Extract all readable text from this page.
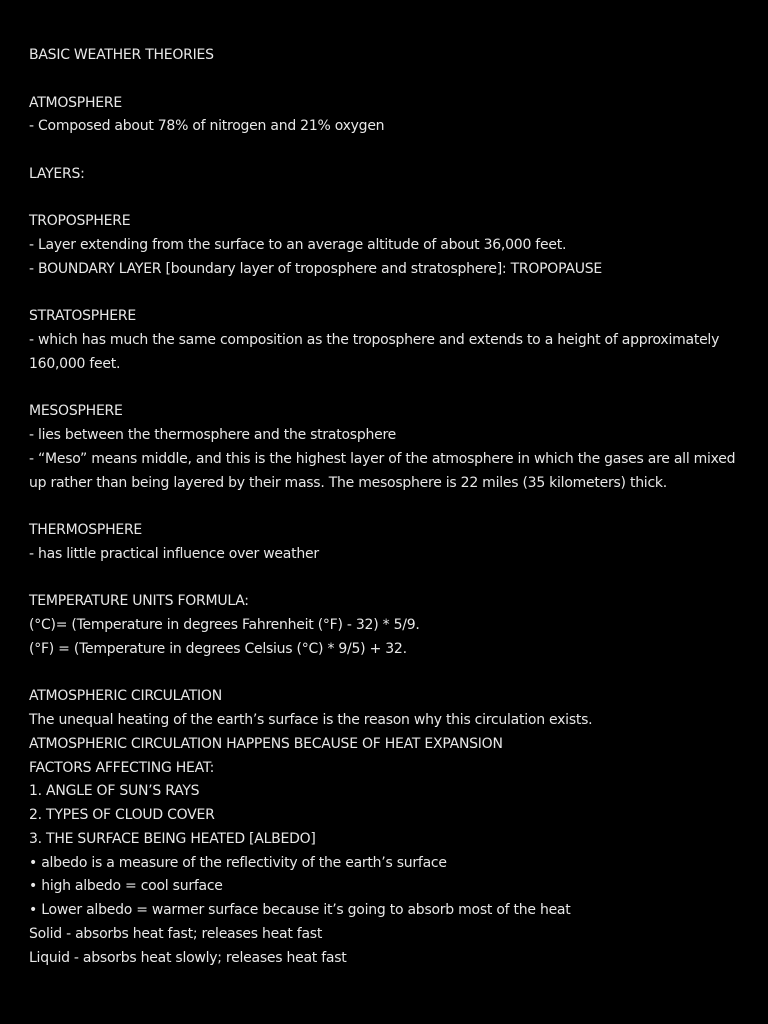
BASIC WEATHER THEORIES
ATMOSPHERE
- Composed about 78% of nitrogen and 21% oxygen
LAYERS:
TROPOSPHERE
- Layer extending from the surface to an average altitude of about 36,000 feet.
- BOUNDARY LAYER [boundary layer of troposphere and stratosphere]: TROPOPAUSE
STRATOSPHERE
- which has much the same composition as the troposphere and extends to a height of approximately 160,000 feet.
MESOSPHERE
- lies between the thermosphere and the stratosphere
- “Meso” means middle, and this is the highest layer of the atmosphere in which the gases are all mixed up rather than being layered by their mass. The mesosphere is 22 miles (35 kilometers) thick.
THERMOSPHERE
- has little practical influence over weather
TEMPERATURE UNITS FORMULA:
(°C)= (Temperature in degrees Fahrenheit (°F) - 32) * 5/9.
(°F) = (Temperature in degrees Celsius (°C) * 9/5) + 32.
ATMOSPHERIC CIRCULATION
The unequal heating of the earth’s surface is the reason why this circulation exists.
ATMOSPHERIC CIRCULATION HAPPENS BECAUSE OF HEAT EXPANSION
FACTORS AFFECTING HEAT:
1. ANGLE OF SUN’S RAYS
2. TYPES OF CLOUD COVER
3. THE SURFACE BEING HEATED [ALBEDO]
• albedo is a measure of the reflectivity of the earth’s surface
• high albedo = cool surface
• Lower albedo = warmer surface because it’s going to absorb most of the heat
Solid - absorbs heat fast; releases heat fast
Liquid - absorbs heat slowly; releases heat fast
